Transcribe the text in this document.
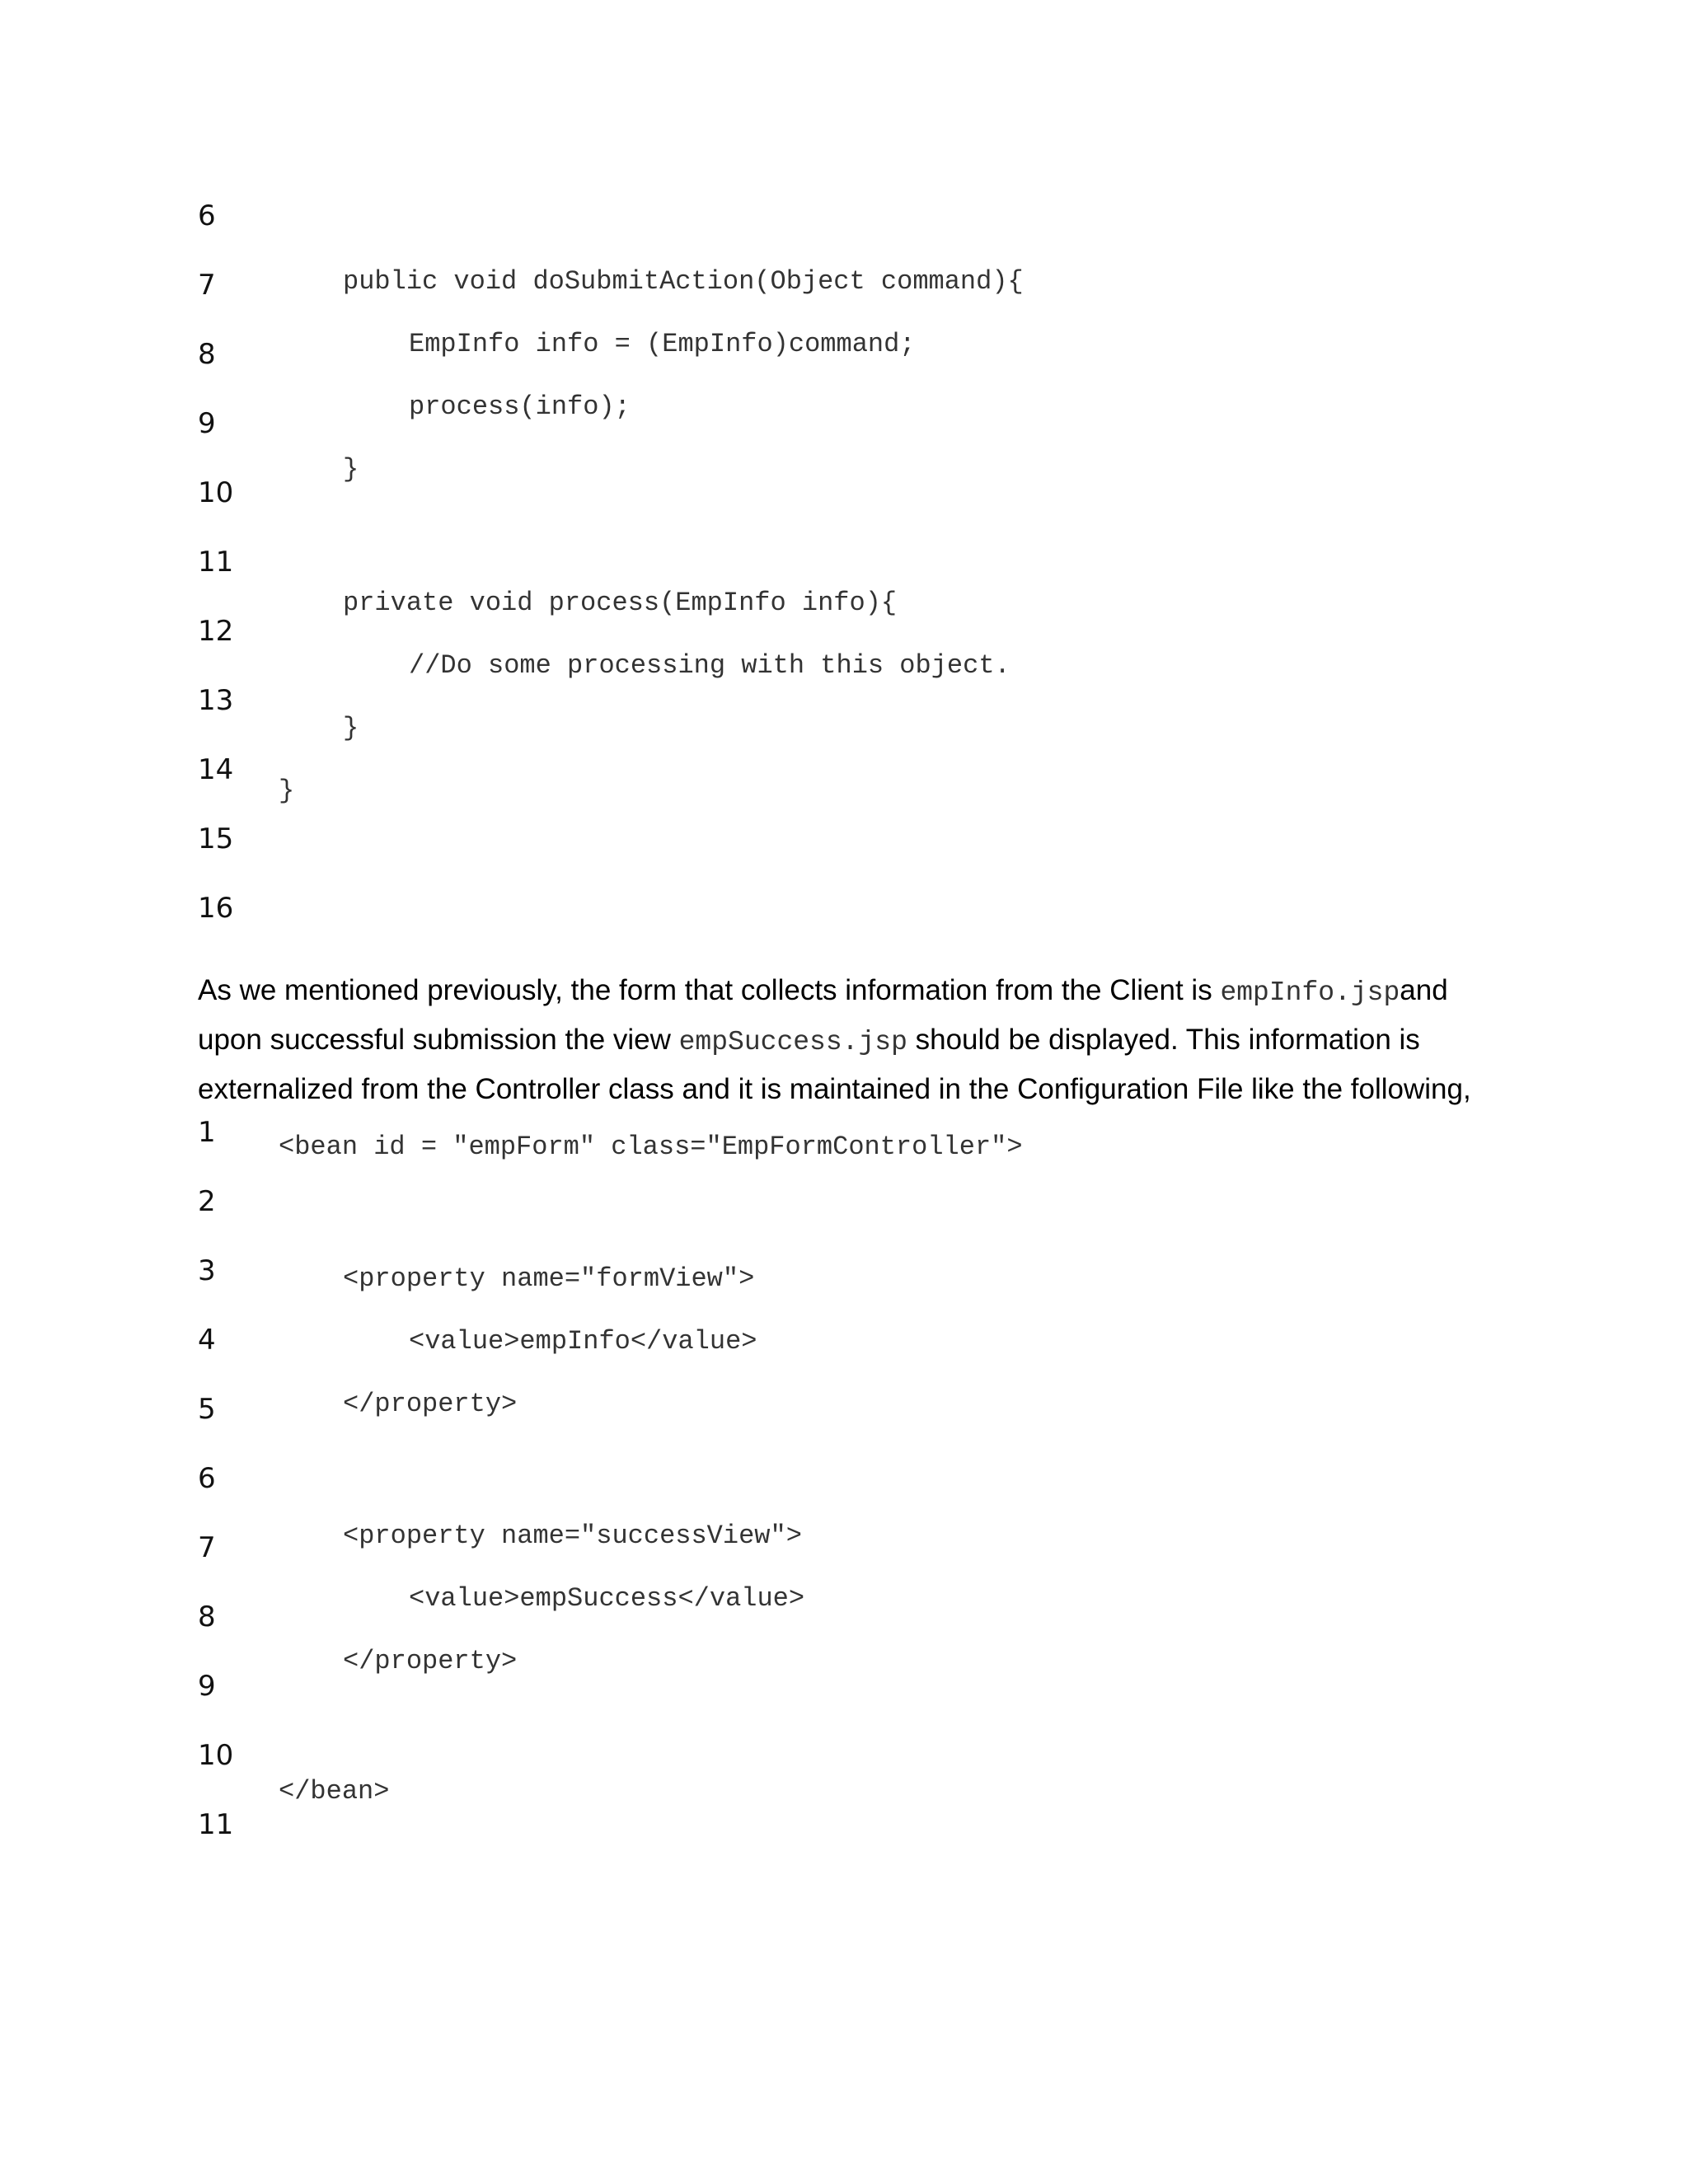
6
7
8
9
10
11
12
13
14
15
16
public void doSubmitAction(Object command){
EmpInfo info = (EmpInfo)command;
process(info);
}
private void process(EmpInfo info){
//Do some processing with this object.
}
}
As we mentioned previously, the form that collects information from the Client is empInfo.jspand
upon successful submission the view empSuccess.jsp should be displayed. This information is
externalized from the Controller class and it is maintained in the Configuration File like the following,
1
2
3
4
5
6
7
8
9
10
11
<bean id = "empForm" class="EmpFormController">
<property name="formView">
<value>empInfo</value>
</property>
<property name="successView">
<value>empSuccess</value>
</property>
</bean>
